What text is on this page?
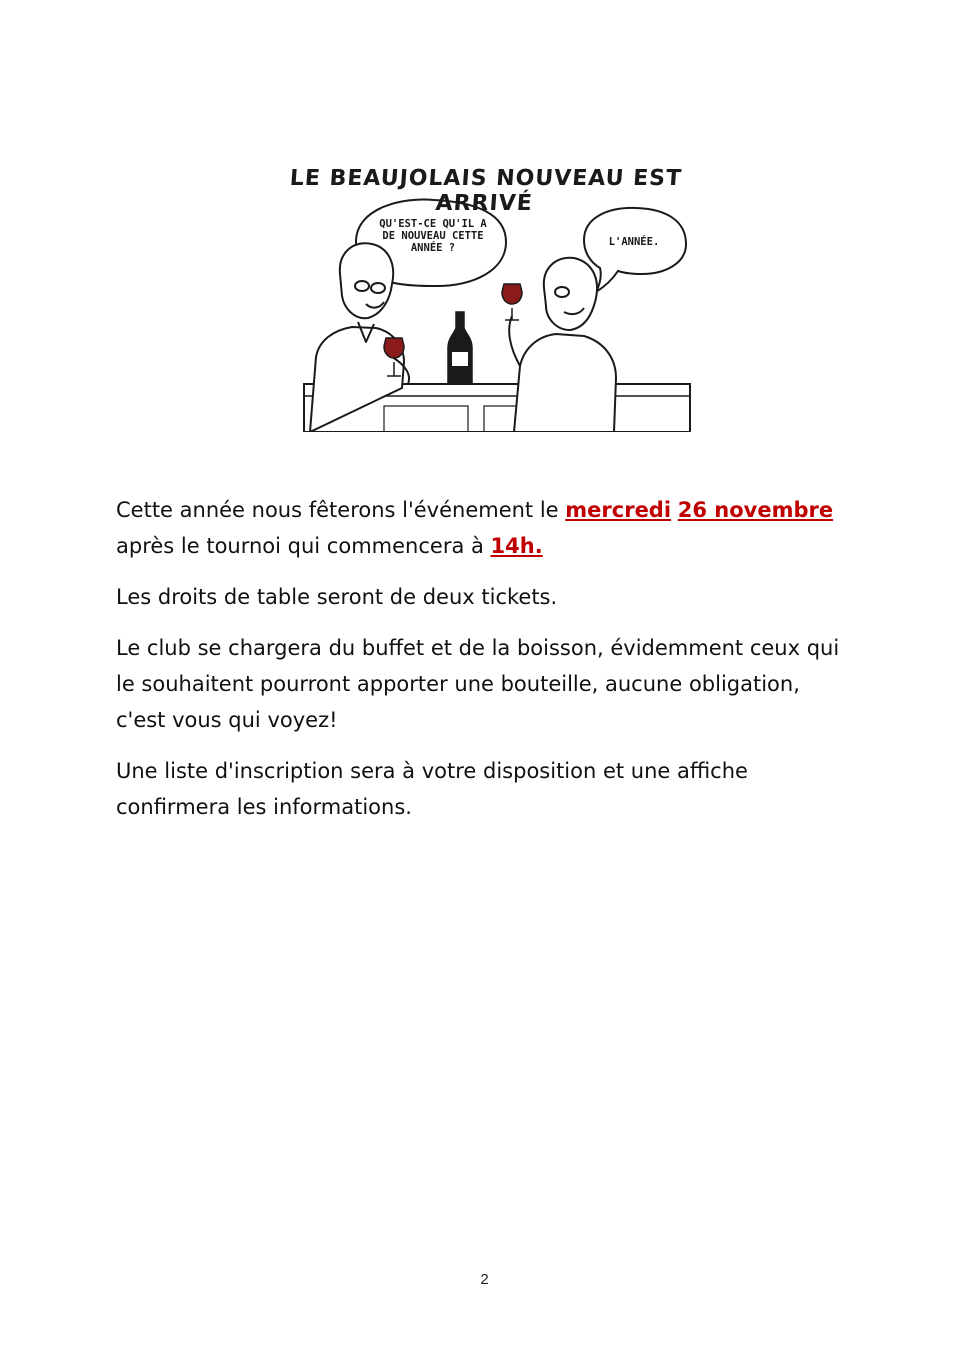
LE BEAUJOLAIS NOUVEAU EST ARRIVÉ
QU'EST-CE QU'IL A DE NOUVEAU CETTE ANNÉE ?	L'ANNÉE.

Cette année nous fêterons l'événement le mercredi 26 novembre
après le tournoi qui commencera à 14h.

Les droits de table seront de deux tickets.

Le club se chargera du buffet et de la boisson, évidemment ceux qui
le souhaitent pourront apporter une bouteille, aucune obligation,
c'est vous qui voyez!

Une liste d'inscription sera à votre disposition et une affiche
confirmera les informations.

2
